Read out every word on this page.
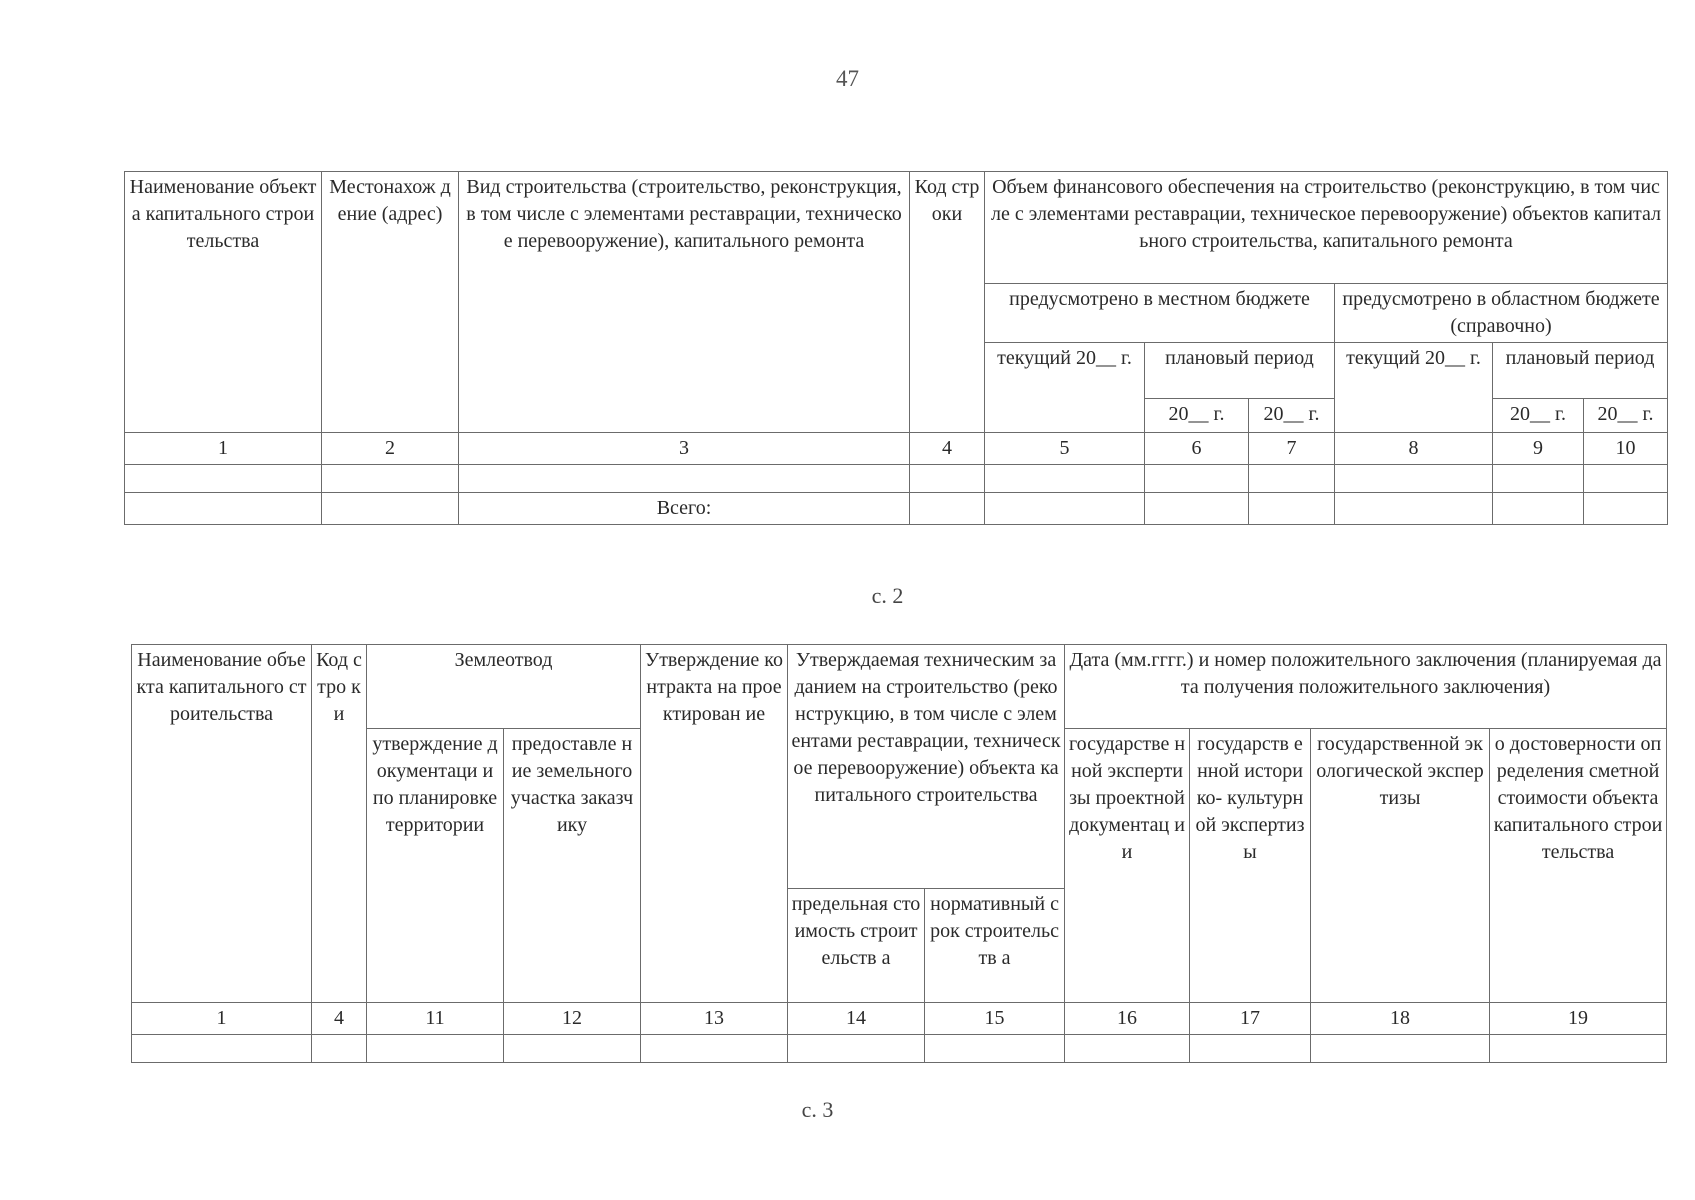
47
Наименование объекта капитального строительства	Местонахож дение (адрес)	Вид строительства (строительство, реконструкция, в том числе с элементами реставрации, техническое перевооружение), капитального ремонта	Код строки	Объем финансового обеспечения на строительство (реконструкцию, в том числе с элементами реставрации, техническое перевооружение) объектов капитального строительства, капитального ремонта					
				предусмотрено в местном бюджете			предусмотрено в областном бюджете (справочно)		
				текущий 20__ г.	плановый период		текущий 20__ г.	плановый период	
					20__ г.	20__ г.		20__ г.	20__ г.
1	2	3	4	5	6	7	8	9	10

		Всего:							
с. 2
Наименование объекта капитального строительства	Код стро ки	Землеотвод		Утверждение контракта на проектирован ие	Утверждаемая техническим заданием на строительство (реконструкцию, в том числе с элементами реставрации, техническое перевооружение) объекта капитального строительства		Дата (мм.гггг.) и номер положительного заключения (планируемая дата получения положительного заключения)			
		утверждение документаци и по планировке территории	предоставле ние земельного участка заказчику				государстве нной экспертизы проектной документац ии	государств енной историко- культурной экспертизы	государственной экологической экспертизы	о достоверности определения сметной стоимости объекта капитального строительства
					предельная стоимость строительств а	нормативный срок строительств а				
1	4	11	12	13	14	15	16	17	18	19

с. 3
